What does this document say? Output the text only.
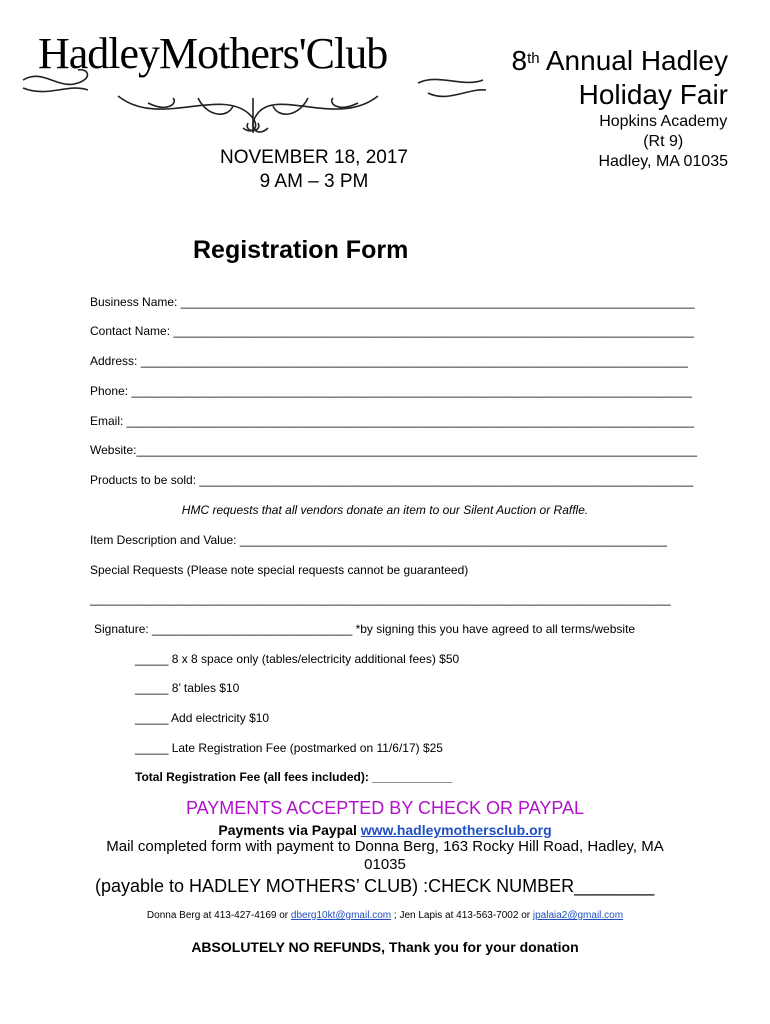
HadleyMothers'Club	8th Annual Hadley
Holiday Fair
Hopkins Academy
(Rt 9)
Hadley, MA 01035
NOVEMBER 18, 2017
9 AM – 3 PM
Registration Form
Business Name: _____________________________________________________________________________
Contact Name: ______________________________________________________________________________
Address: __________________________________________________________________________________
Phone: ____________________________________________________________________________________
Email: _____________________________________________________________________________________
Website:____________________________________________________________________________________
Products to be sold: __________________________________________________________________________
HMC requests that all vendors donate an item to our Silent Auction or Raffle.
Item Description and Value: ________________________________________________________________
Special Requests (Please note special requests cannot be guaranteed)
_______________________________________________________________________________________
Signature: ______________________________ *by signing this you have agreed to all terms/website
_____ 8 x 8 space only (tables/electricity additional fees) $50
_____ 8’ tables $10
_____ Add electricity $10
_____ Late Registration Fee (postmarked on 11/6/17) $25
Total Registration Fee (all fees included): ____________
PAYMENTS ACCEPTED BY CHECK OR PAYPAL
Payments via Paypal www.hadleymothersclub.org
Mail completed form with payment to Donna Berg, 163 Rocky Hill Road, Hadley, MA
01035
(payable to HADLEY MOTHERS’ CLUB) :CHECK NUMBER________
Donna Berg at 413-427-4169 or dberg10kt@gmail.com ; Jen Lapis at 413-563-7002 or jpalaia2@gmail.com
ABSOLUTELY NO REFUNDS, Thank you for your donation
